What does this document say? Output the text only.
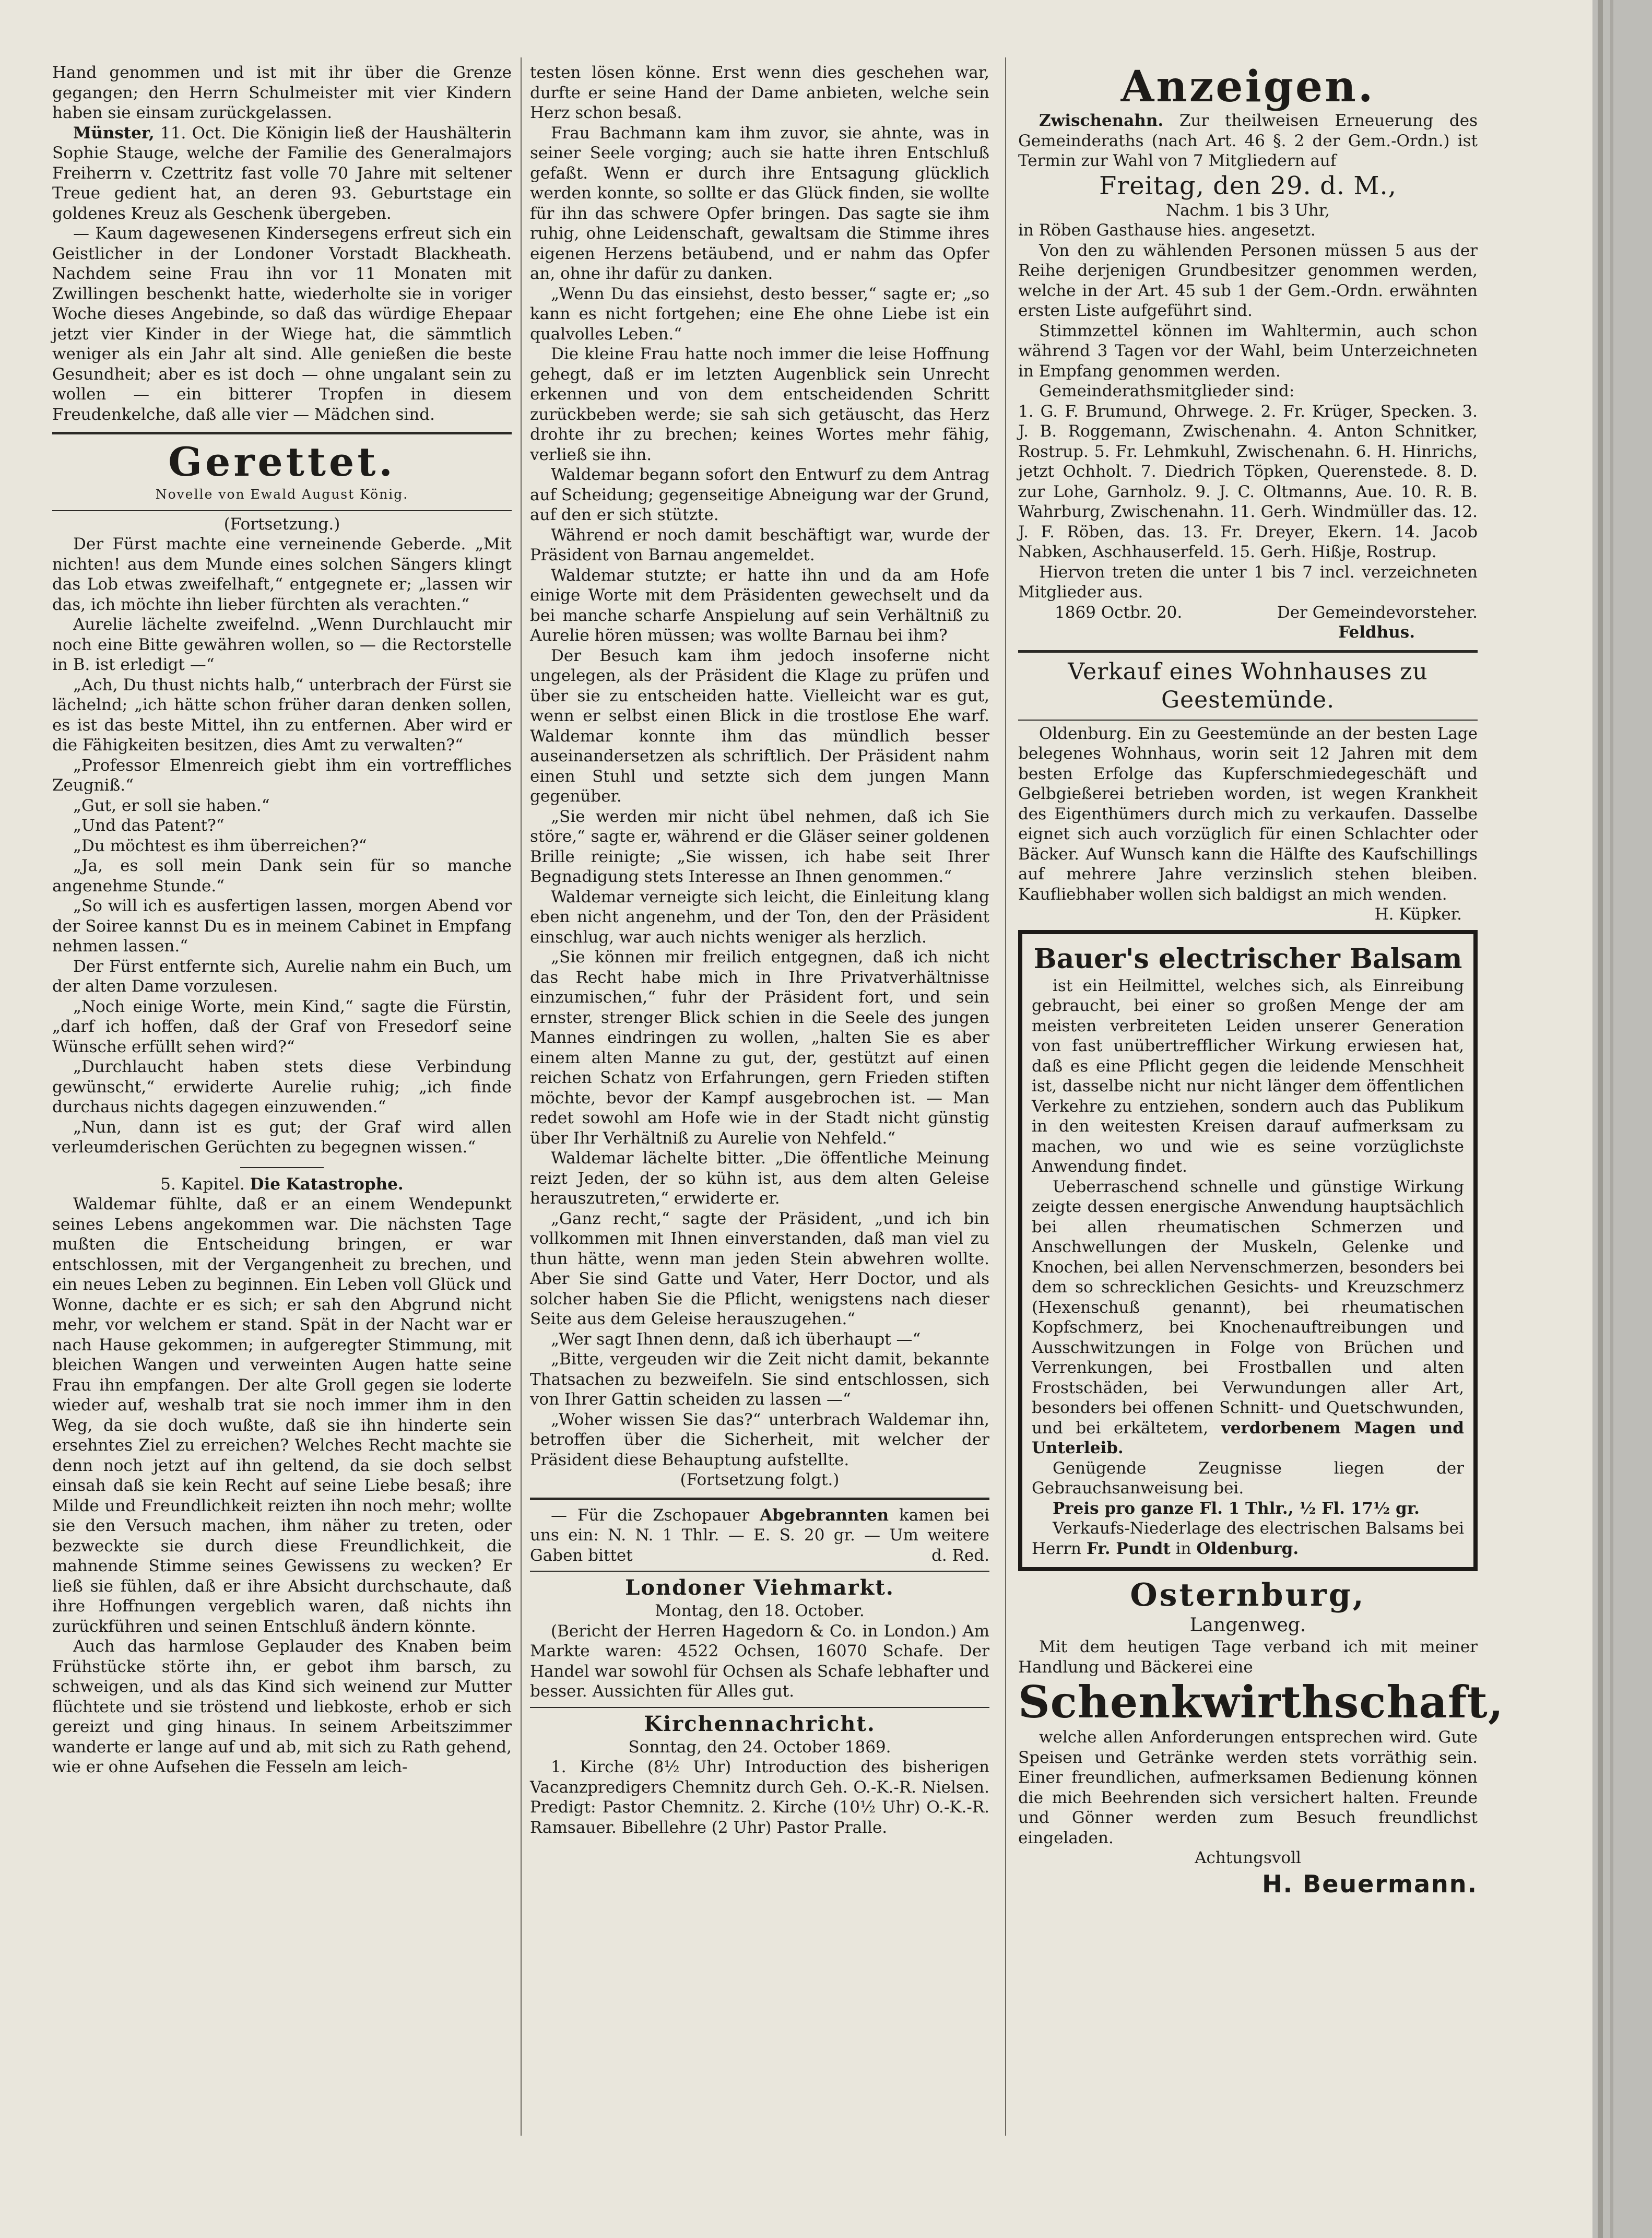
Hand genommen und ist mit ihr über die Grenze gegangen; den Herrn Schulmeister mit vier Kindern haben sie einsam zurückgelassen.

Münster, 11. Oct. Die Königin ließ der Haushälterin Sophie Stauge, welche der Familie des Generalmajors Freiherrn v. Czettritz fast volle 70 Jahre mit seltener Treue gedient hat, an deren 93. Geburtstage ein goldenes Kreuz als Geschenk übergeben.

— Kaum dagewesenen Kindersegens erfreut sich ein Geistlicher in der Londoner Vorstadt Blackheath. Nachdem seine Frau ihn vor 11 Monaten mit Zwillingen beschenkt hatte, wiederholte sie in voriger Woche dieses Angebinde, so daß das würdige Ehepaar jetzt vier Kinder in der Wiege hat, die sämmtlich weniger als ein Jahr alt sind. Alle genießen die beste Gesundheit; aber es ist doch — ohne ungalant sein zu wollen — ein bitterer Tropfen in diesem Freudenkelche, daß alle vier — Mädchen sind.

Gerettet.
Novelle von Ewald August König.
(Fortsetzung.)

Der Fürst machte eine verneinende Geberde. „Mit nichten! aus dem Munde eines solchen Sängers klingt das Lob etwas zweifelhaft,“ entgegnete er; „lassen wir das, ich möchte ihn lieber fürchten als verachten.“

Aurelie lächelte zweifelnd. „Wenn Durchlaucht mir noch eine Bitte gewähren wollen, so — die Rectorstelle in B. ist erledigt —“

„Ach, Du thust nichts halb,“ unterbrach der Fürst sie lächelnd; „ich hätte schon früher daran denken sollen, es ist das beste Mittel, ihn zu entfernen. Aber wird er die Fähigkeiten besitzen, dies Amt zu verwalten?“

„Professor Elmenreich giebt ihm ein vortreffliches Zeugniß.“

„Gut, er soll sie haben.“

„Und das Patent?“

„Du möchtest es ihm überreichen?“

„Ja, es soll mein Dank sein für so manche angenehme Stunde.“

„So will ich es ausfertigen lassen, morgen Abend vor der Soiree kannst Du es in meinem Cabinet in Empfang nehmen lassen.“

Der Fürst entfernte sich, Aurelie nahm ein Buch, um der alten Dame vorzulesen.

„Noch einige Worte, mein Kind,“ sagte die Fürstin, „darf ich hoffen, daß der Graf von Fresedorf seine Wünsche erfüllt sehen wird?“

„Durchlaucht haben stets diese Verbindung gewünscht,“ erwiderte Aurelie ruhig; „ich finde durchaus nichts dagegen einzuwenden.“

„Nun, dann ist es gut; der Graf wird allen verleumderischen Gerüchten zu begegnen wissen.“

5. Kapitel. Die Katastrophe.

Waldemar fühlte, daß er an einem Wendepunkt seines Lebens angekommen war. Die nächsten Tage mußten die Entscheidung bringen, er war entschlossen, mit der Vergangenheit zu brechen, und ein neues Leben zu beginnen. Ein Leben voll Glück und Wonne, dachte er es sich; er sah den Abgrund nicht mehr, vor welchem er stand. Spät in der Nacht war er nach Hause gekommen; in aufgeregter Stimmung, mit bleichen Wangen und verweinten Augen hatte seine Frau ihn empfangen. Der alte Groll gegen sie loderte wieder auf, weshalb trat sie noch immer ihm in den Weg, da sie doch wußte, daß sie ihn hinderte sein ersehntes Ziel zu erreichen? Welches Recht machte sie denn noch jetzt auf ihn geltend, da sie doch selbst einsah daß sie kein Recht auf seine Liebe besaß; ihre Milde und Freundlichkeit reizten ihn noch mehr; wollte sie den Versuch machen, ihm näher zu treten, oder bezweckte sie durch diese Freundlichkeit, die mahnende Stimme seines Gewissens zu wecken? Er ließ sie fühlen, daß er ihre Absicht durchschaute, daß ihre Hoffnungen vergeblich waren, daß nichts ihn zurückführen und seinen Entschluß ändern könnte.

Auch das harmlose Geplauder des Knaben beim Frühstücke störte ihn, er gebot ihm barsch, zu schweigen, und als das Kind sich weinend zur Mutter flüchtete und sie tröstend und liebkoste, erhob er sich gereizt und ging hinaus. In seinem Arbeitszimmer wanderte er lange auf und ab, mit sich zu Rath gehend, wie er ohne Aufsehen die Fesseln am leich-

testen lösen könne. Erst wenn dies geschehen war, durfte er seine Hand der Dame anbieten, welche sein Herz schon besaß.

Frau Bachmann kam ihm zuvor, sie ahnte, was in seiner Seele vorging; auch sie hatte ihren Entschluß gefaßt. Wenn er durch ihre Entsagung glücklich werden konnte, so sollte er das Glück finden, sie wollte für ihn das schwere Opfer bringen. Das sagte sie ihm ruhig, ohne Leidenschaft, gewaltsam die Stimme ihres eigenen Herzens betäubend, und er nahm das Opfer an, ohne ihr dafür zu danken.

„Wenn Du das einsiehst, desto besser,“ sagte er; „so kann es nicht fortgehen; eine Ehe ohne Liebe ist ein qualvolles Leben.“

Die kleine Frau hatte noch immer die leise Hoffnung gehegt, daß er im letzten Augenblick sein Unrecht erkennen und von dem entscheidenden Schritt zurückbeben werde; sie sah sich getäuscht, das Herz drohte ihr zu brechen; keines Wortes mehr fähig, verließ sie ihn.

Waldemar begann sofort den Entwurf zu dem Antrag auf Scheidung; gegenseitige Abneigung war der Grund, auf den er sich stützte.

Während er noch damit beschäftigt war, wurde der Präsident von Barnau angemeldet.

Waldemar stutzte; er hatte ihn und da am Hofe einige Worte mit dem Präsidenten gewechselt und da bei manche scharfe Anspielung auf sein Verhältniß zu Aurelie hören müssen; was wollte Barnau bei ihm?

Der Besuch kam ihm jedoch insoferne nicht ungelegen, als der Präsident die Klage zu prüfen und über sie zu entscheiden hatte. Vielleicht war es gut, wenn er selbst einen Blick in die trostlose Ehe warf. Waldemar konnte ihm das mündlich besser auseinandersetzen als schriftlich. Der Präsident nahm einen Stuhl und setzte sich dem jungen Mann gegenüber.

„Sie werden mir nicht übel nehmen, daß ich Sie störe,“ sagte er, während er die Gläser seiner goldenen Brille reinigte; „Sie wissen, ich habe seit Ihrer Begnadigung stets Interesse an Ihnen genommen.“

Waldemar verneigte sich leicht, die Einleitung klang eben nicht angenehm, und der Ton, den der Präsident einschlug, war auch nichts weniger als herzlich.

„Sie können mir freilich entgegnen, daß ich nicht das Recht habe mich in Ihre Privatverhältnisse einzumischen,“ fuhr der Präsident fort, und sein ernster, strenger Blick schien in die Seele des jungen Mannes eindringen zu wollen, „halten Sie es aber einem alten Manne zu gut, der, gestützt auf einen reichen Schatz von Erfahrungen, gern Frieden stiften möchte, bevor der Kampf ausgebrochen ist. — Man redet sowohl am Hofe wie in der Stadt nicht günstig über Ihr Verhältniß zu Aurelie von Nehfeld.“

Waldemar lächelte bitter. „Die öffentliche Meinung reizt Jeden, der so kühn ist, aus dem alten Geleise herauszutreten,“ erwiderte er.

„Ganz recht,“ sagte der Präsident, „und ich bin vollkommen mit Ihnen einverstanden, daß man viel zu thun hätte, wenn man jeden Stein abwehren wollte. Aber Sie sind Gatte und Vater, Herr Doctor, und als solcher haben Sie die Pflicht, wenigstens nach dieser Seite aus dem Geleise herauszugehen.“

„Wer sagt Ihnen denn, daß ich überhaupt —“

„Bitte, vergeuden wir die Zeit nicht damit, bekannte Thatsachen zu bezweifeln. Sie sind entschlossen, sich von Ihrer Gattin scheiden zu lassen —“

„Woher wissen Sie das?“ unterbrach Waldemar ihn, betroffen über die Sicherheit, mit welcher der Präsident diese Behauptung aufstellte.

(Fortsetzung folgt.)

— Für die Zschopauer Abgebrannten kamen bei uns ein: N. N. 1 Thlr. — E. S. 20 gr. — Um weitere Gaben bittet	d. Red.

Londoner Viehmarkt.
Montag, den 18. October.

(Bericht der Herren Hagedorn & Co. in London.) Am Markte waren: 4522 Ochsen, 16070 Schafe. Der Handel war sowohl für Ochsen als Schafe lebhafter und besser. Aussichten für Alles gut.

Kirchennachricht.
Sonntag, den 24. October 1869.

1. Kirche (8½ Uhr) Introduction des bisherigen Vacanzpredigers Chemnitz durch Geh. O.-K.-R. Nielsen. Predigt: Pastor Chemnitz. 2. Kirche (10½ Uhr) O.-K.-R. Ramsauer. Bibellehre (2 Uhr) Pastor Pralle.

Anzeigen.

Zwischenahn. Zur theilweisen Erneuerung des Gemeinderaths (nach Art. 46 §. 2 der Gem.-Ordn.) ist Termin zur Wahl von 7 Mitgliedern auf

Freitag, den 29. d. M.,
Nachm. 1 bis 3 Uhr,

in Röben Gasthause hies. angesetzt.

Von den zu wählenden Personen müssen 5 aus der Reihe derjenigen Grundbesitzer genommen werden, welche in der Art. 45 sub 1 der Gem.-Ordn. erwähnten ersten Liste aufgeführt sind.

Stimmzettel können im Wahltermin, auch schon während 3 Tagen vor der Wahl, beim Unterzeichneten in Empfang genommen werden.

Gemeinderathsmitglieder sind:

1. G. F. Brumund, Ohrwege. 2. Fr. Krüger, Specken. 3. J. B. Roggemann, Zwischenahn. 4. Anton Schnitker, Rostrup. 5. Fr. Lehmkuhl, Zwischenahn. 6. H. Hinrichs, jetzt Ochholt. 7. Diedrich Töpken, Querenstede. 8. D. zur Lohe, Garnholz. 9. J. C. Oltmanns, Aue. 10. R. B. Wahrburg, Zwischenahn. 11. Gerh. Windmüller das. 12. J. F. Röben, das. 13. Fr. Dreyer, Ekern. 14. Jacob Nabken, Aschhauserfeld. 15. Gerh. Hißje, Rostrup.

Hiervon treten die unter 1 bis 7 incl. verzeichneten Mitglieder aus.

1869 Octbr. 20.	Der Gemeindevorsteher.
Feldhus.
Verkauf eines Wohnhauses zu Geestemünde.

Oldenburg. Ein zu Geestemünde an der besten Lage belegenes Wohnhaus, worin seit 12 Jahren mit dem besten Erfolge das Kupferschmiedegeschäft und Gelbgießerei betrieben worden, ist wegen Krankheit des Eigenthümers durch mich zu verkaufen. Dasselbe eignet sich auch vorzüglich für einen Schlachter oder Bäcker. Auf Wunsch kann die Hälfte des Kaufschillings auf mehrere Jahre verzinslich stehen bleiben. Kaufliebhaber wollen sich baldigst an mich wenden.

H. Küpker.
Bauer's electrischer Balsam

ist ein Heilmittel, welches sich, als Einreibung gebraucht, bei einer so großen Menge der am meisten verbreiteten Leiden unserer Generation von fast unübertrefflicher Wirkung erwiesen hat, daß es eine Pflicht gegen die leidende Menschheit ist, dasselbe nicht nur nicht länger dem öffentlichen Verkehre zu entziehen, sondern auch das Publikum in den weitesten Kreisen darauf aufmerksam zu machen, wo und wie es seine vorzüglichste Anwendung findet.

Ueberraschend schnelle und günstige Wirkung zeigte dessen energische Anwendung hauptsächlich bei allen rheumatischen Schmerzen und Anschwellungen der Muskeln, Gelenke und Knochen, bei allen Nervenschmerzen, besonders bei dem so schrecklichen Gesichts- und Kreuzschmerz (Hexenschuß genannt), bei rheumatischen Kopfschmerz, bei Knochenauftreibungen und Ausschwitzungen in Folge von Brüchen und Verrenkungen, bei Frostballen und alten Frostschäden, bei Verwundungen aller Art, besonders bei offenen Schnitt- und Quetschwunden, und bei erkältetem, verdorbenem Magen und Unterleib.

Genügende Zeugnisse liegen der Gebrauchsanweisung bei.

Preis pro ganze Fl. 1 Thlr., ½ Fl. 17½ gr.

Verkaufs-Niederlage des electrischen Balsams bei Herrn Fr. Pundt in Oldenburg.

Osternburg,
Langenweg.

Mit dem heutigen Tage verband ich mit meiner Handlung und Bäckerei eine

Schenkwirthschaft,

welche allen Anforderungen entsprechen wird. Gute Speisen und Getränke werden stets vorräthig sein. Einer freundlichen, aufmerksamen Bedienung können die mich Beehrenden sich versichert halten. Freunde und Gönner werden zum Besuch freundlichst eingeladen.

Achtungsvoll
H. Beuermann.
